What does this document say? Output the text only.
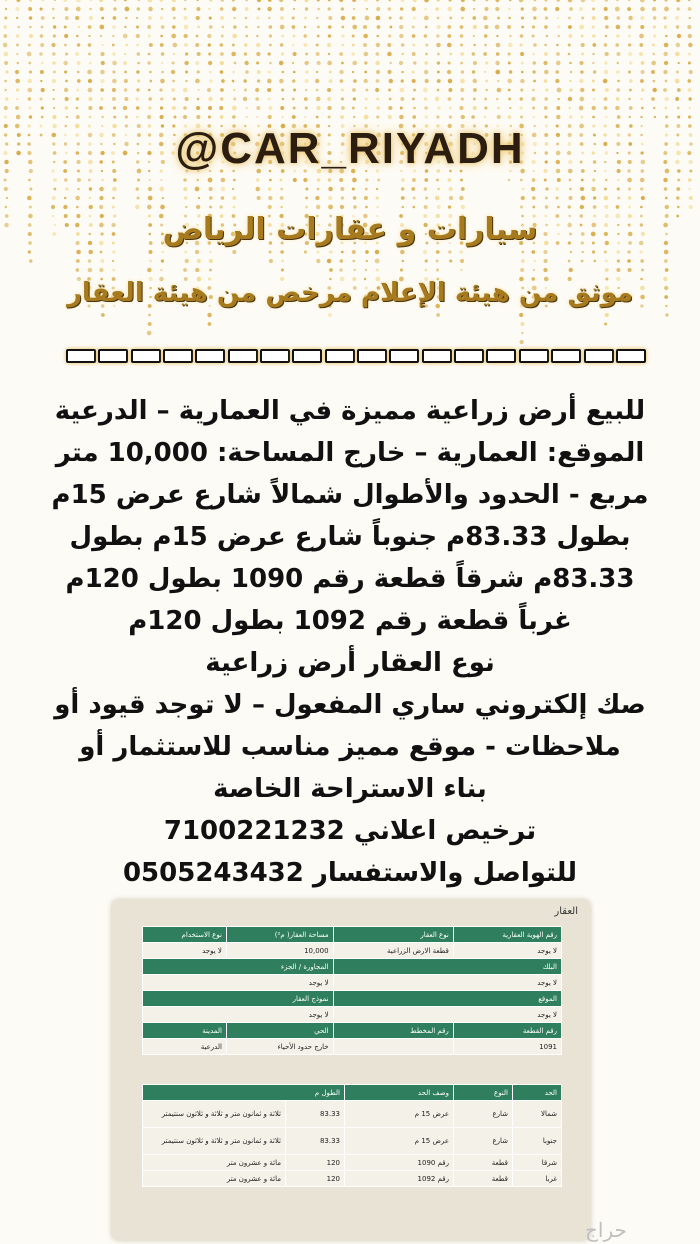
@CAR_RIYADH
سيارات و عقارات الرياض
موثق من هيئة الإعلام مرخص من هيئة العقار
للبيع أرض زراعية مميزة في العمارية – الدرعية
الموقع: العمارية – خارج المساحة: 10,000 متر
مربع - الحدود والأطوال شمالاً شارع عرض 15م
بطول 83.33م جنوباً شارع عرض 15م بطول
83.33م شرقاً قطعة رقم 1090 بطول 120م
غرباً قطعة رقم 1092 بطول 120م
نوع العقار أرض زراعية
صك إلكتروني ساري المفعول – لا توجد قيود أو
ملاحظات - موقع مميز مناسب للاستثمار أو
بناء الاستراحة الخاصة
ترخيص اعلاني 7100221232
للتواصل والاستفسار 0505243432
العقار
رقم الهوية العقارية	نوع العقار	مساحة العقار( م²)	نوع الاستخدام
لا يوجد	قطعة الارض الزراعية	10,000	لا يوجد
البلك		المجاورة / الجزء	
لا يوجد		لا يوجد	
الموقع		نموذج العقار	
لا يوجد		لا يوجد	
رقم القطعة	رقم المخطط	الحي	المدينة
1091		خارج حدود الأحياء	الدرعية
الحد	النوع	وصف الحد	الطول م	
شمالا	شارع	عرض 15 م	83.33	ثلاثة و ثمانون متر و ثلاثة و ثلاثون سنتيمتر
جنوبا	شارع	عرض 15 م	83.33	ثلاثة و ثمانون متر و ثلاثة و ثلاثون سنتيمتر
شرقا	قطعة	رقم 1090	120	مائة و عشرون متر
غربا	قطعة	رقم 1092	120	مائة و عشرون متر
حراج
